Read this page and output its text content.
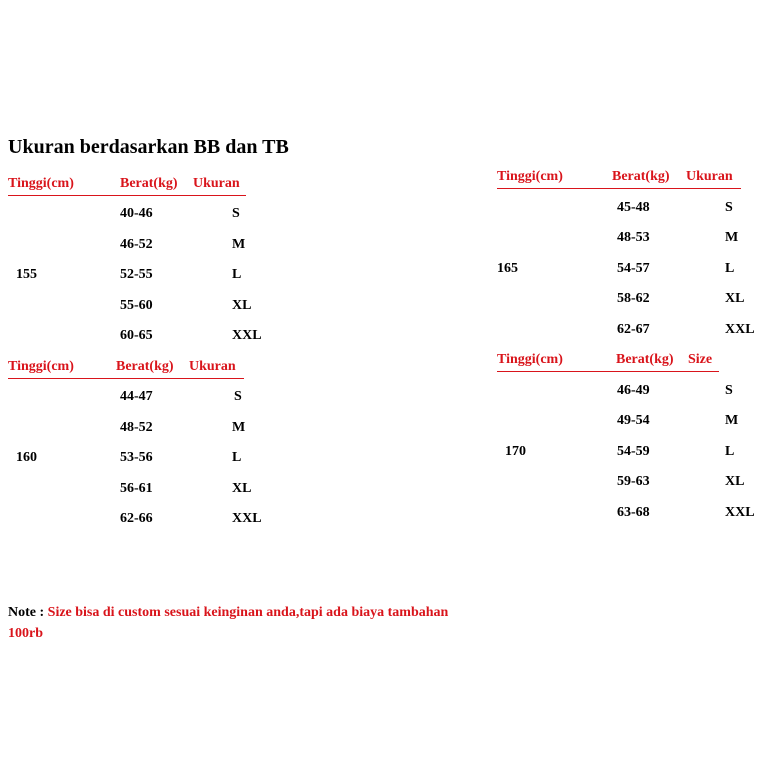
Ukuran berdasarkan BB dan TB
Tinggi(cm)	Berat(kg) Ukuran
155
40-46	S
46-52	M
52-55	L
55-60	XL
60-65	XXL
Tinggi(cm)	Berat(kg) Ukuran
160
44-47	S
48-52	M
53-56	L
56-61	XL
62-66	XXL
Tinggi(cm)	Berat(kg) Ukuran
165
45-48	S
48-53	M
54-57	L
58-62	XL
62-67	XXL
Tinggi(cm)	Berat(kg) Size
170
46-49	S
49-54	M
54-59	L
59-63	XL
63-68	XXL
Note : Size bisa di custom sesuai keinginan anda,tapi ada biaya tambahan 100rb
